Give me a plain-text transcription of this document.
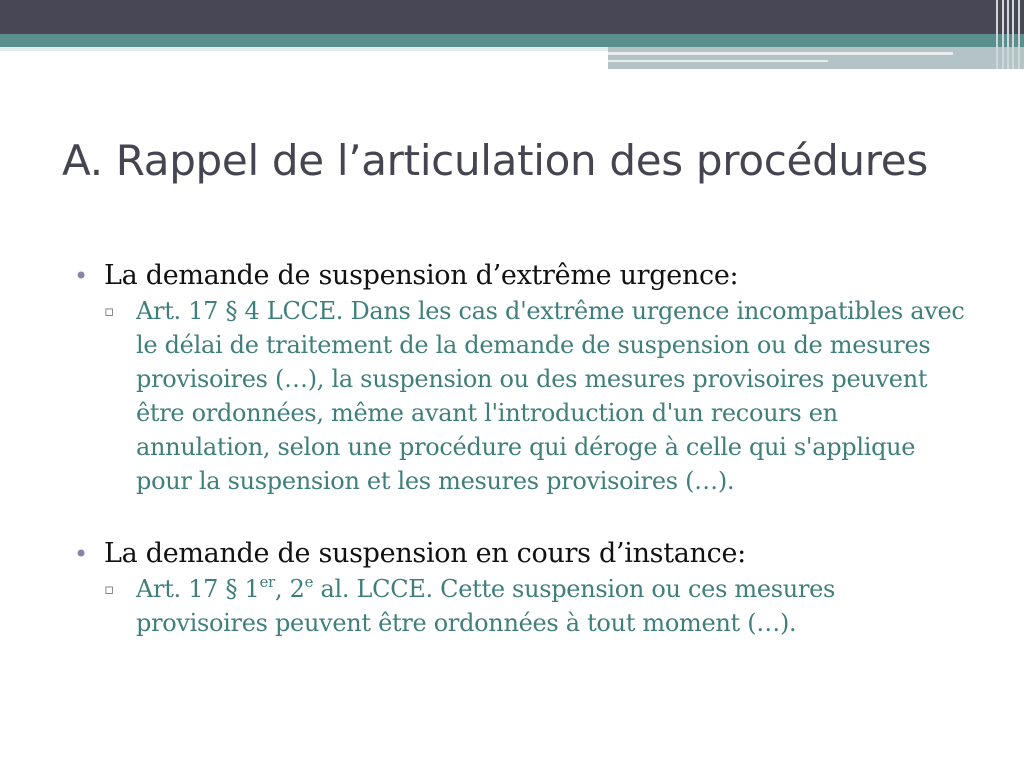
A. Rappel de l’articulation des procédures
• La demande de suspension d’extrême urgence:
▫ Art. 17 § 4 LCCE. Dans les cas d'extrême urgence incompatibles avec le délai de traitement de la demande de suspension ou de mesures provisoires (…), la suspension ou des mesures provisoires peuvent être ordonnées, même avant l'introduction d'un recours en annulation, selon une procédure qui déroge à celle qui s'applique pour la suspension et les mesures provisoires (…).
• La demande de suspension en cours d’instance:
▫ Art. 17 § 1er, 2e al. LCCE. Cette suspension ou ces mesures provisoires peuvent être ordonnées à tout moment (…).
